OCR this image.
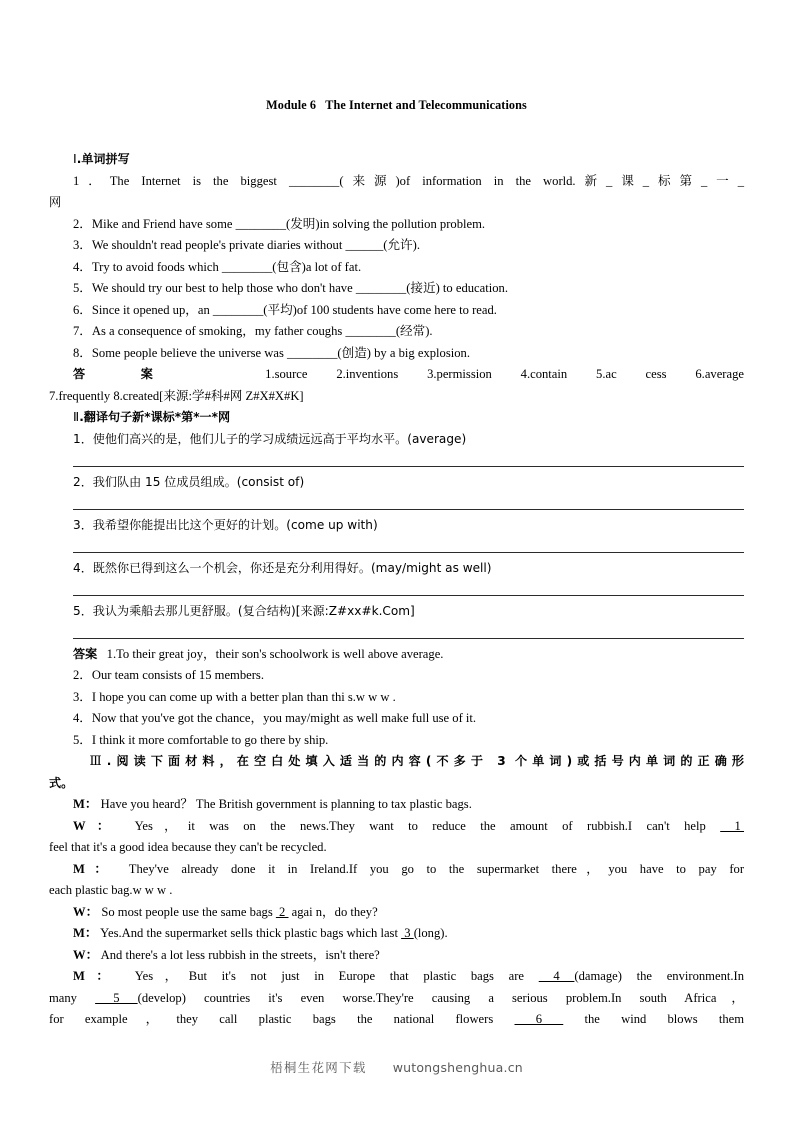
Module 6 The Internet and Telecommunications
Ⅰ.单词拼写

1．The Internet is the biggest ________(来源)of information in the world.新_课_标第_一_

网

2．Mike and Friend have some ________(发明)in solving the pollution problem.

3．We shouldn't read people's private diaries without ______(允许).

4．Try to avoid foods which ________(包含)a lot of fat.

5．We should try our best to help those who don't have ________(接近) to education.

6．Since it opened up，an ________(平均)of 100 students have come here to read.

7．As a consequence of smoking，my father coughs ________(经常).

8．Some people believe the universe was ________(创造) by a big explosion.

答 案	1.source 2.inventions 3.permission 4.contain 5.ac cess 6.average

7.frequently 8.created[来源:学#科#网 Z#X#X#K]

Ⅱ.翻译句子新*课标*第*一*网

1．使他们高兴的是，他们儿子的学习成绩远远高于平均水平。(average)

2．我们队由 15 位成员组成。(consist of)

3．我希望你能提出比这个更好的计划。(come up with)

4．既然你已得到这么一个机会，你还是充分利用得好。(may/might as well)

5．我认为乘船去那儿更舒服。(复合结构)[来源:Z#xx#k.Com]

答案 1.To their great joy，their son's schoolwork is well above average.

2．Our team consists of 15 members.

3．I hope you can come up with a better plan than thi s.w w w .

4．Now that you've got the chance，you may/might as well make full use of it.

5．I think it more comfortable to go there by ship.

Ⅲ.阅读下面材料，在空白处填入适当的内容(不多于 3 个单词)或括号内单词的正确形

式。

M： Have you heard？ The British government is planning to tax plastic bags.

W： Yes，it was on the news.They want to reduce the amount of rubbish.I can't help  1

feel that it's a good idea because they can't be recycled.

M： They've already done it in Ireland.If you go to the supermarket there，you have to pay for

each plastic bag.w w w .

W： So most people use the same bags  2  agai n，do they?

M： Yes.And the supermarket sells thick plastic bags which last  3 (long).

W： And there's a lot less rubbish in the streets，isn't there?

M： Yes，But it's not just in Europe that plastic bags are  4 (damage) the environment.In

many  5 (develop) countries it's even worse.They're causing a serious problem.In south Africa，

for example，they call plastic bags the national flowers  6  the wind blows them

梧桐生花网下载 wutongshenghua.cn
